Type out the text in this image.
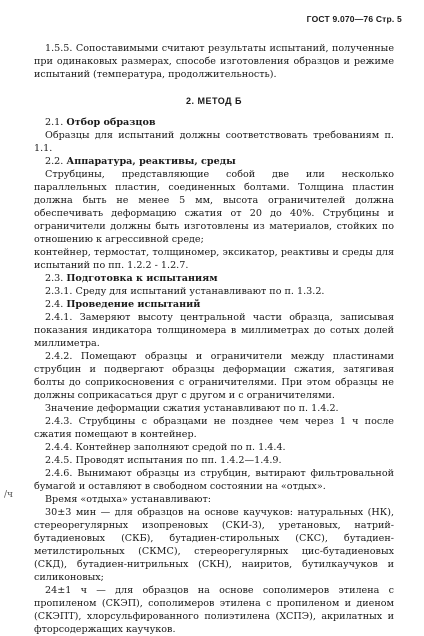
ГОСТ 9.070—76 Стр. 5
/ч

1.5.5. Сопоставимыми считают результаты испытаний, полученные при одинаковых размерах, способе изготовления образцов и режиме испытаний (температура, продолжительность).

2. МЕТОД Б

2.1. Отбор образцов

Образцы для испытаний должны соответствовать требованиям п. 1.1.

2.2. Аппаратура, реактивы, среды

Струбцины, представляющие собой две или несколько параллельных пластин, соединенных болтами. Толщина пластин должна быть не менее 5 мм, высота ограничителей должна обеспечивать деформацию сжатия от 20 до 40%. Струбцины и ограничители должны быть изготовлены из материалов, стойких по отношению к агрессивной среде;

контейнер, термостат, толщиномер, эксикатор, реактивы и среды для испытаний по пп. 1.2.2 - 1.2.7.

2.3. Подготовка к испытаниям

2.3.1. Среду для испытаний устанавливают по п. 1.3.2.

2.4. Проведение испытаний

2.4.1. Замеряют высоту центральной части образца, записывая показания индикатора толщиномера в миллиметрах до сотых долей миллиметра.

2.4.2. Помещают образцы и ограничители между пластинами струбцин и подвергают образцы деформации сжатия, затягивая болты до соприкосновения с ограничителями. При этом образцы не должны соприкасаться друг с другом и с ограничителями.

Значение деформации сжатия устанавливают по п. 1.4.2.

2.4.3. Струбцины с образцами не позднее чем через 1 ч после сжатия помещают в контейнер.

2.4.4. Контейнер заполняют средой по п. 1.4.4.

2.4.5. Проводят испытания по пп. 1.4.2—1.4.9.

2.4.6. Вынимают образцы из струбцин, вытирают фильтровальной бумагой и оставляют в свободном состоянии на «отдых».

Время «отдыха» устанавливают:

30±3 мин — для образцов на основе каучуков: натуральных (НК), стереорегулярных изопреновых (СКИ-3), уретановых, натрий-бутадиеновых (СКБ), бутадиен-стирольных (СКС), бутадиен-метилстирольных (СКМС), стереорегулярных цис-бутадиеновых (СКД), бутадиен-нитрильных (СКН), наиритов, бутилкаучуков и силиконовых;

24±1 ч — для образцов на основе сополимеров этилена с пропиленом (СКЭП), сополимеров этилена с пропиленом и диеном (СКЭПТ), хлорсульфированного полиэтилена (ХСПЭ), акрилатных и фторсодержащих каучуков.
